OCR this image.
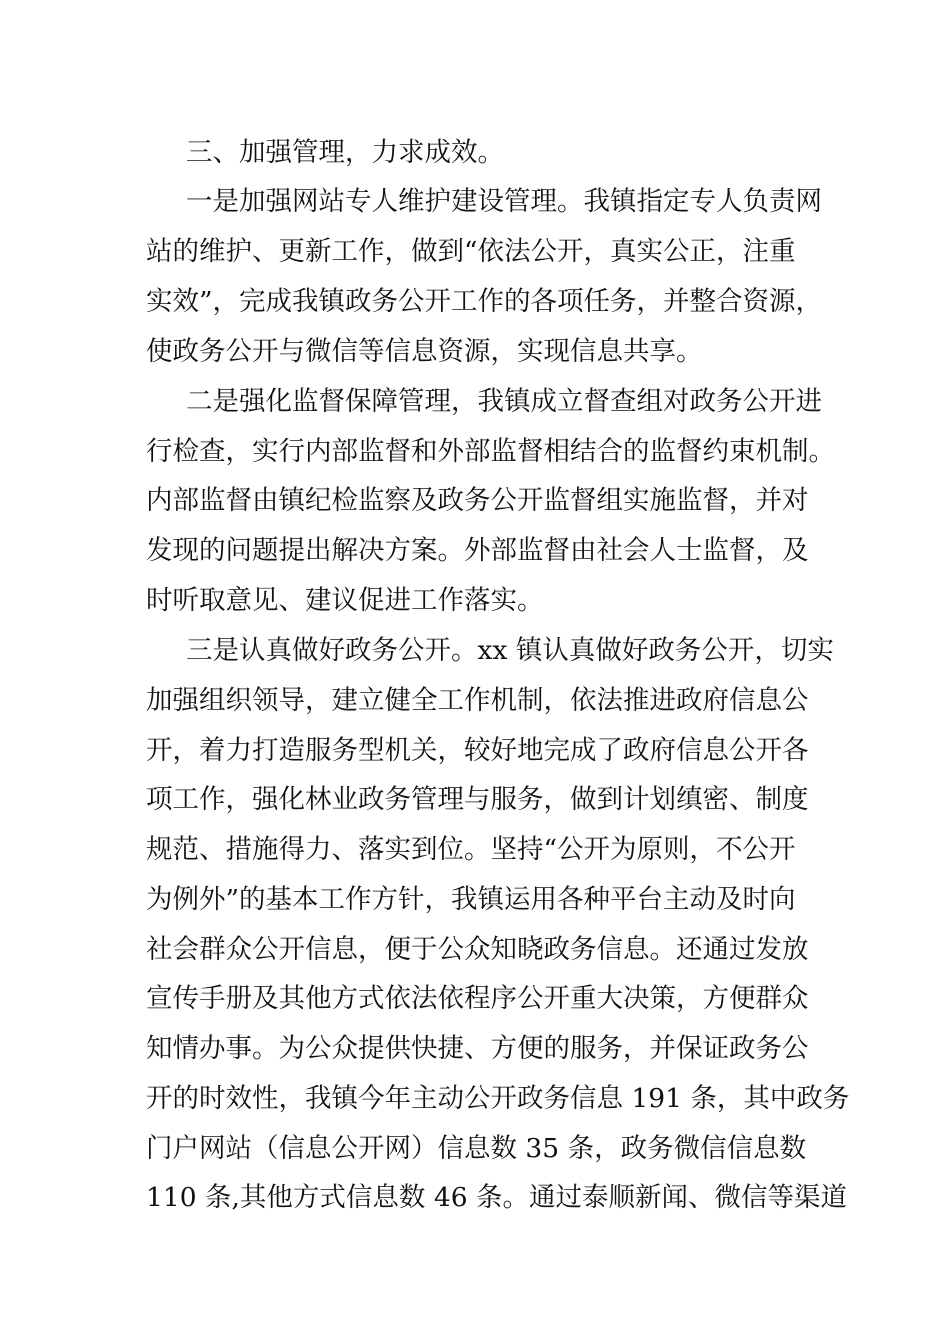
三、加强管理，力求成效。
一是加强网站专人维护建设管理。我镇指定专人负责网
站的维护、更新工作，做到“依法公开，真实公正，注重
实效”，完成我镇政务公开工作的各项任务，并整合资源，
使政务公开与微信等信息资源，实现信息共享。
二是强化监督保障管理，我镇成立督查组对政务公开进
行检查，实行内部监督和外部监督相结合的监督约束机制。
内部监督由镇纪检监察及政务公开监督组实施监督，并对
发现的问题提出解决方案。外部监督由社会人士监督，及
时听取意见、建议促进工作落实。
三是认真做好政务公开。xx 镇认真做好政务公开，切实
加强组织领导，建立健全工作机制，依法推进政府信息公
开，着力打造服务型机关，较好地完成了政府信息公开各
项工作，强化林业政务管理与服务，做到计划缜密、制度
规范、措施得力、落实到位。坚持“公开为原则，不公开
为例外”的基本工作方针，我镇运用各种平台主动及时向
社会群众公开信息，便于公众知晓政务信息。还通过发放
宣传手册及其他方式依法依程序公开重大决策，方便群众
知情办事。为公众提供快捷、方便的服务，并保证政务公
开的时效性，我镇今年主动公开政务信息 191 条，其中政务
门户网站（信息公开网）信息数 35 条，政务微信信息数
110 条,其他方式信息数 46 条。通过泰顺新闻、微信等渠道
